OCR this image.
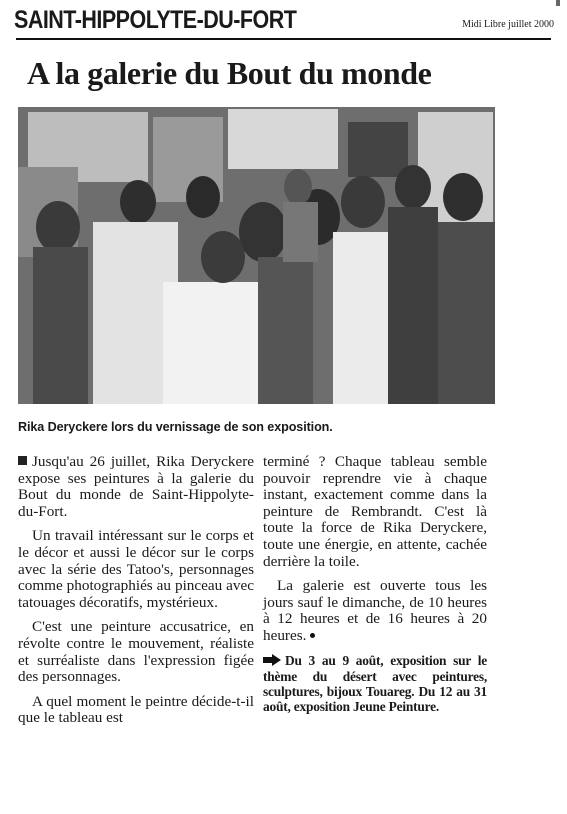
SAINT-HIPPOLYTE-DU-FORT	Midi Libre juillet 2000
A la galerie du Bout du monde
Rika Deryckere lors du vernissage de son exposition.

Jusqu'au 26 juillet, Rika Deryckere expose ses peintures à la galerie du Bout du monde de Saint-Hippolyte-du-Fort.

Un travail intéressant sur le corps et le décor et aussi le décor sur le corps avec la série des Tatoo's, personnages comme photographiés au pinceau avec tatouages décoratifs, mystérieux.

C'est une peinture accusatrice, en révolte contre le mouvement, réaliste et surréaliste dans l'expression figée des personnages.

A quel moment le peintre décide-t-il que le tableau est

terminé ? Chaque tableau semble pouvoir reprendre vie à chaque instant, exactement comme dans la peinture de Rembrandt. C'est là toute la force de Rika Deryckere, toute une énergie, en attente, cachée derrière la toile.

La galerie est ouverte tous les jours sauf le dimanche, de 10 heures à 12 heures et de 16 heures à 20 heures.

Du 3 au 9 août, exposition sur le thème du désert avec peintures, sculptures, bijoux Touareg. Du 12 au 31 août, exposition Jeune Peinture.
